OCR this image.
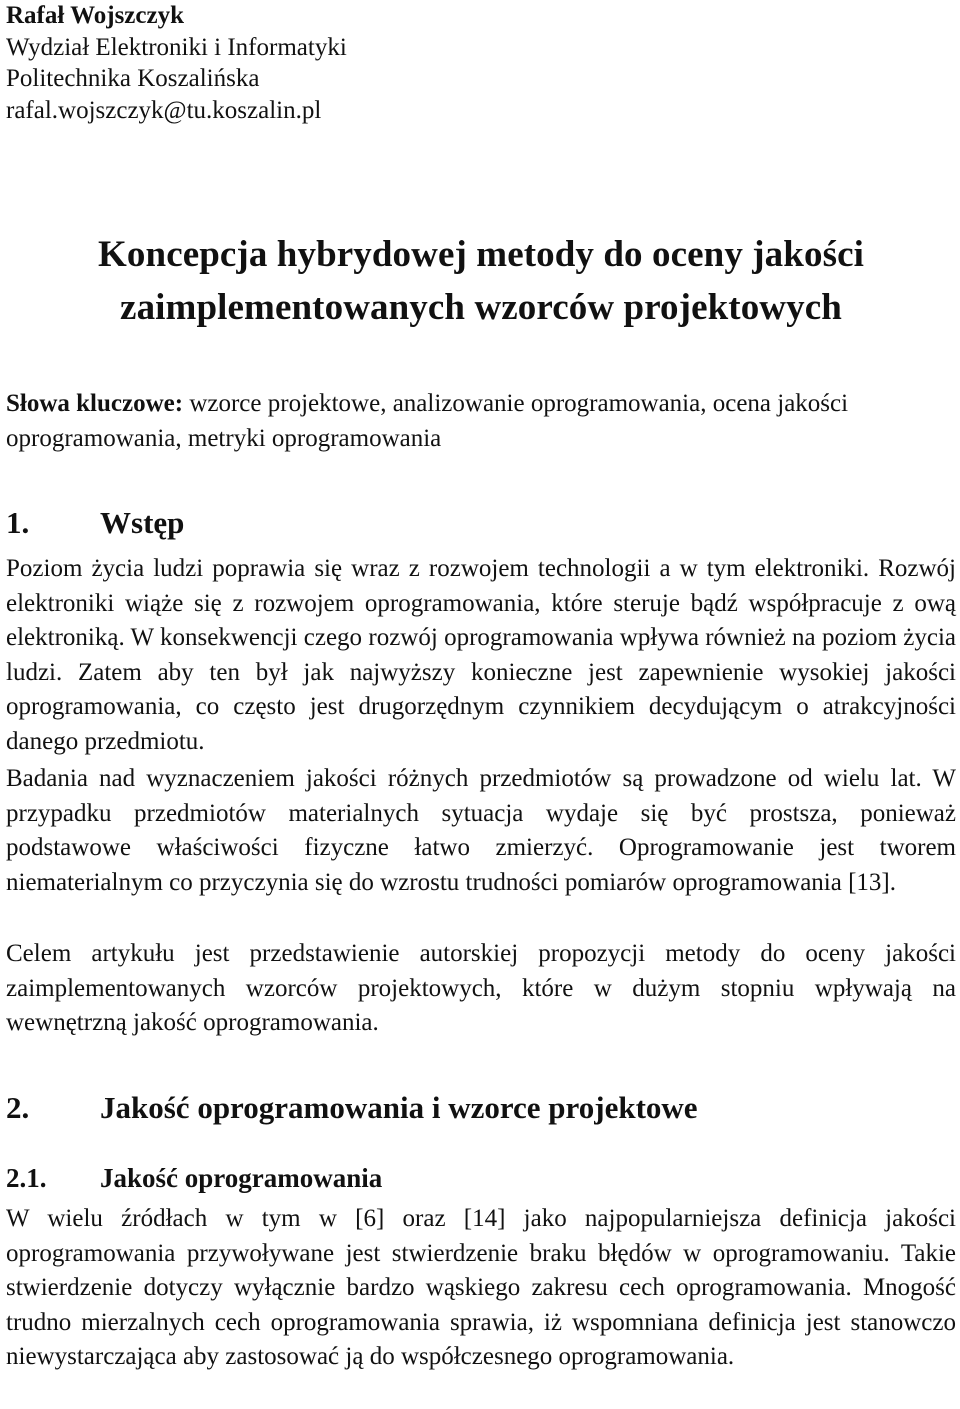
Rafał Wojszczyk
Wydział Elektroniki i Informatyki
Politechnika Koszalińska
rafal.wojszczyk@tu.koszalin.pl
Koncepcja hybrydowej metody do oceny jakości
zaimplementowanych wzorców projektowych
Słowa kluczowe: wzorce projektowe, analizowanie oprogramowania, ocena jakości oprogramowania, metryki oprogramowania
1.	Wstęp
Poziom życia ludzi poprawia się wraz z rozwojem technologii a w tym elektroniki. Rozwój elektroniki wiąże się z rozwojem oprogramowania, które steruje bądź współpracuje z ową elektroniką. W konsekwencji czego rozwój oprogramowania wpływa również na poziom życia ludzi. Zatem aby ten był jak najwyższy konieczne jest zapewnienie wysokiej jakości oprogramowania, co często jest drugorzędnym czynnikiem decydującym o atrakcyjności danego przedmiotu.
Badania nad wyznaczeniem jakości różnych przedmiotów są prowadzone od wielu lat. W przypadku przedmiotów materialnych sytuacja wydaje się być prostsza, ponieważ podstawowe właściwości fizyczne łatwo zmierzyć. Oprogramowanie jest tworem niematerialnym co przyczynia się do wzrostu trudności pomiarów oprogramowania [13].
Celem artykułu jest przedstawienie autorskiej propozycji metody do oceny jakości zaimplementowanych wzorców projektowych, które w dużym stopniu wpływają na wewnętrzną jakość oprogramowania.
2.	Jakość oprogramowania i wzorce projektowe
2.1.	Jakość oprogramowania
W wielu źródłach w tym w [6] oraz [14] jako najpopularniejsza definicja jakości oprogramowania przywoływane jest stwierdzenie braku błędów w oprogramowaniu. Takie stwierdzenie dotyczy wyłącznie bardzo wąskiego zakresu cech oprogramowania. Mnogość trudno mierzalnych cech oprogramowania sprawia, iż wspomniana definicja jest stanowczo niewystarczająca aby zastosować ją do współczesnego oprogramowania.
